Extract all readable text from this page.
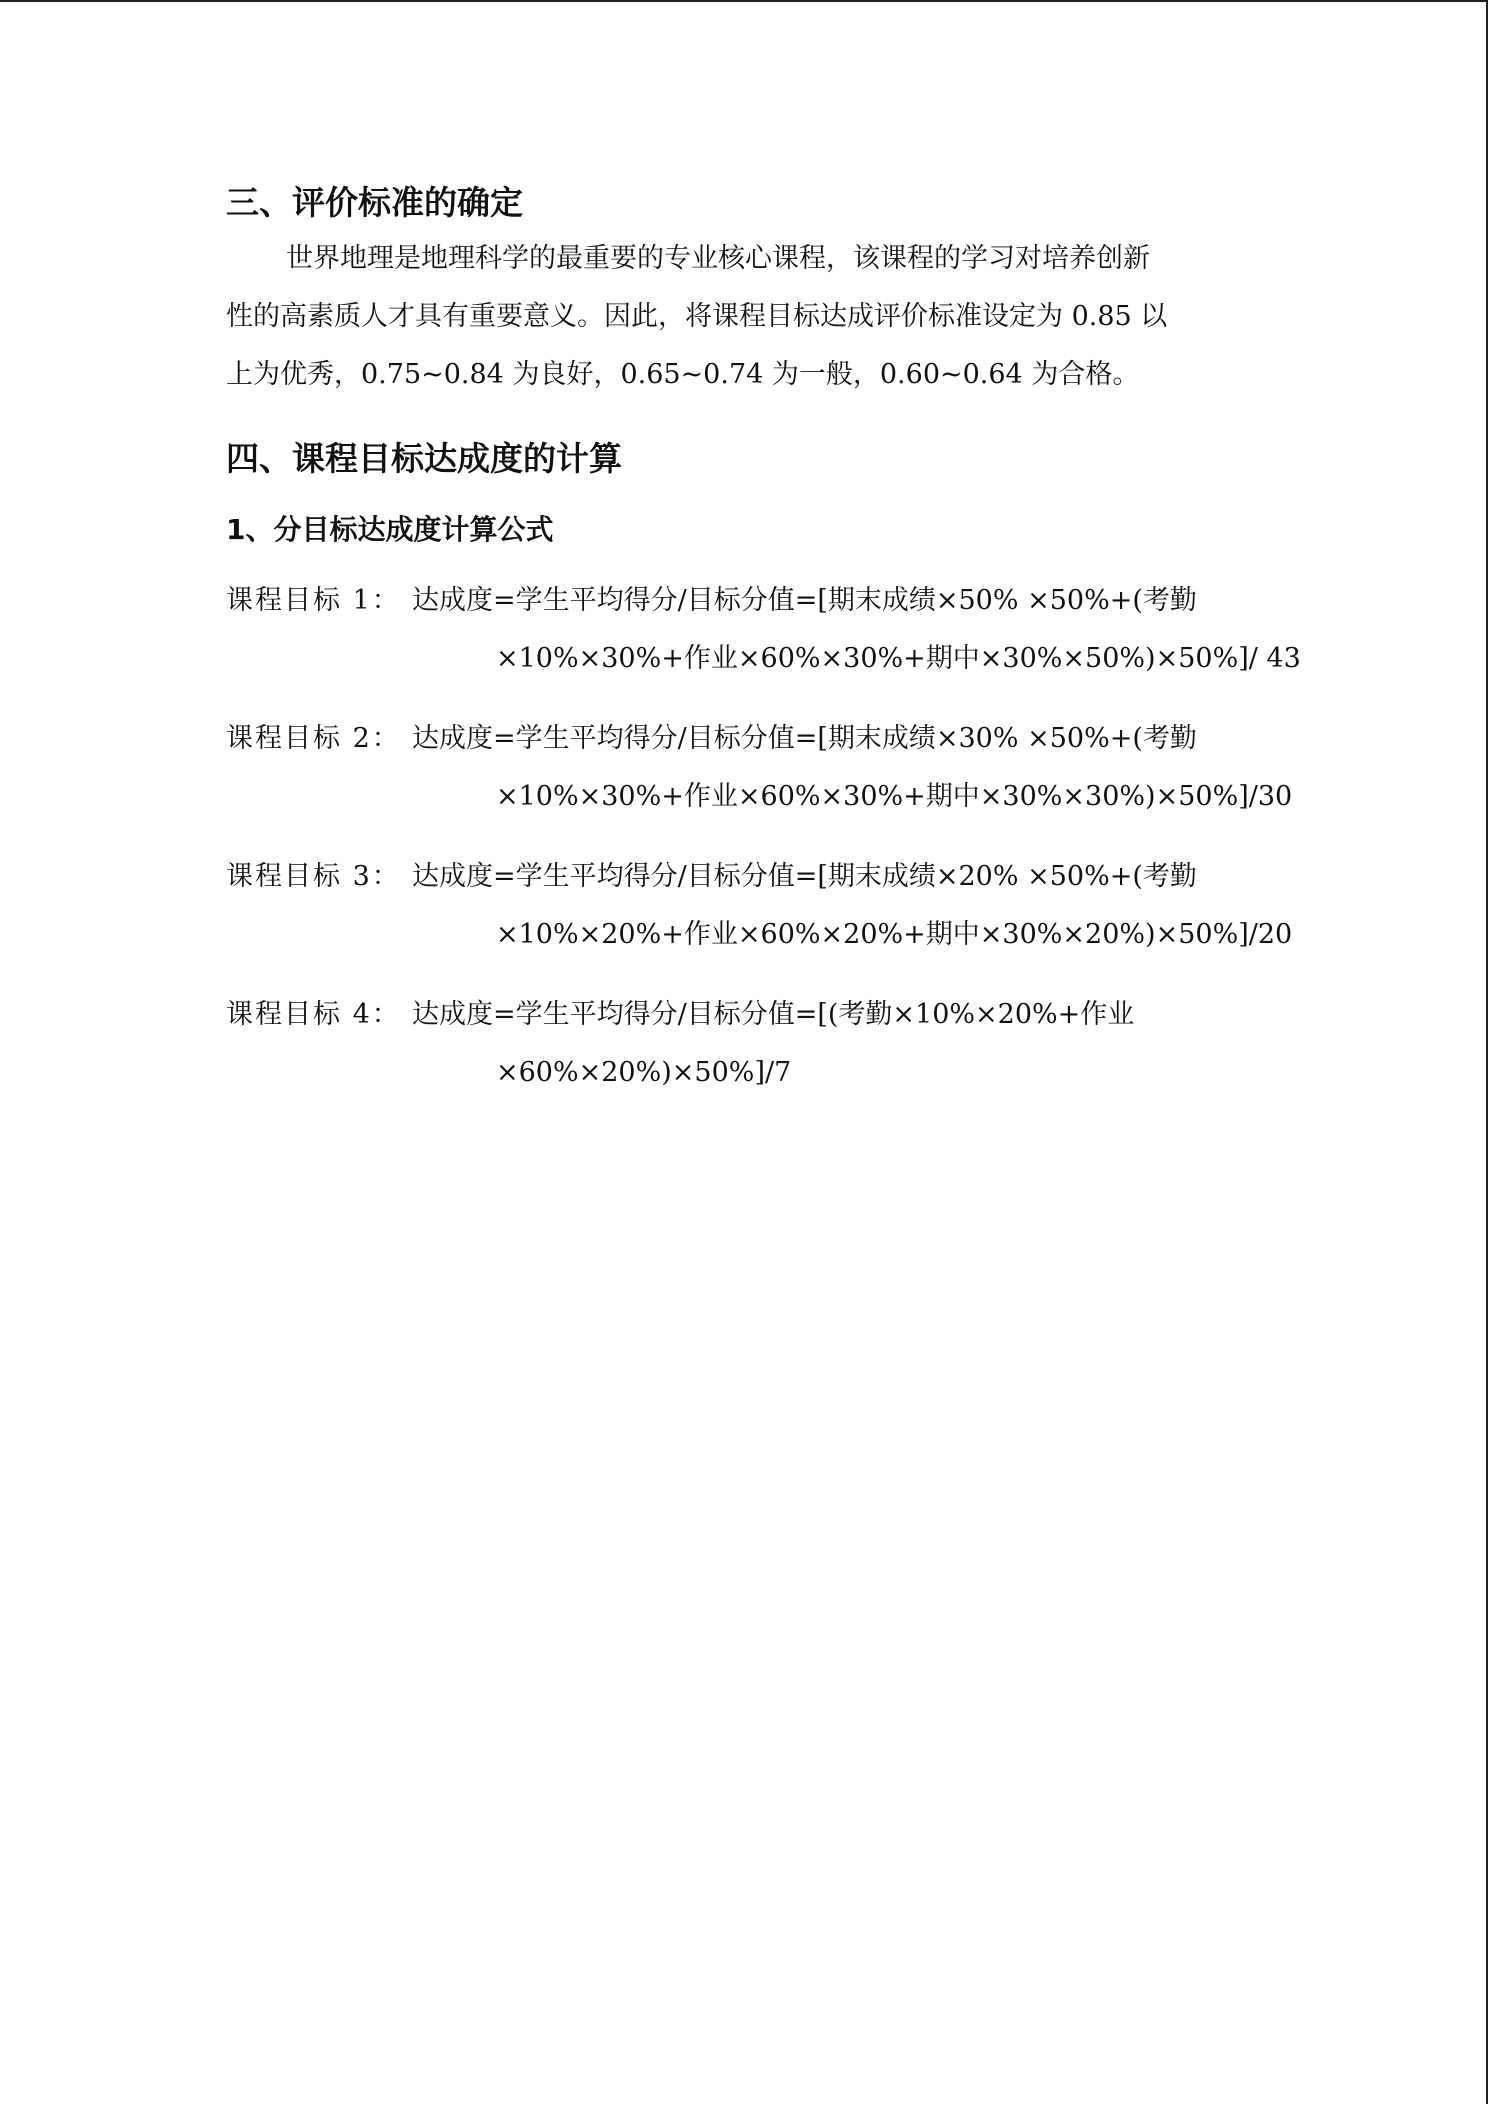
三、评价标准的确定
世界地理是地理科学的最重要的专业核心课程，该课程的学习对培养创新
性的高素质人才具有重要意义。因此，将课程目标达成评价标准设定为 0.85 以
上为优秀，0.75~0.84 为良好，0.65~0.74 为一般，0.60~0.64 为合格。
四、课程目标达成度的计算
1、分目标达成度计算公式
课程目标 1： 达成度=学生平均得分/目标分值=[期末成绩×50% ×50%+(考勤
×10%×30%+作业×60%×30%+期中×30%×50%)×50%]/ 43
课程目标 2： 达成度=学生平均得分/目标分值=[期末成绩×30% ×50%+(考勤
×10%×30%+作业×60%×30%+期中×30%×30%)×50%]/30
课程目标 3： 达成度=学生平均得分/目标分值=[期末成绩×20% ×50%+(考勤
×10%×20%+作业×60%×20%+期中×30%×20%)×50%]/20
课程目标 4： 达成度=学生平均得分/目标分值=[(考勤×10%×20%+作业
×60%×20%)×50%]/7
